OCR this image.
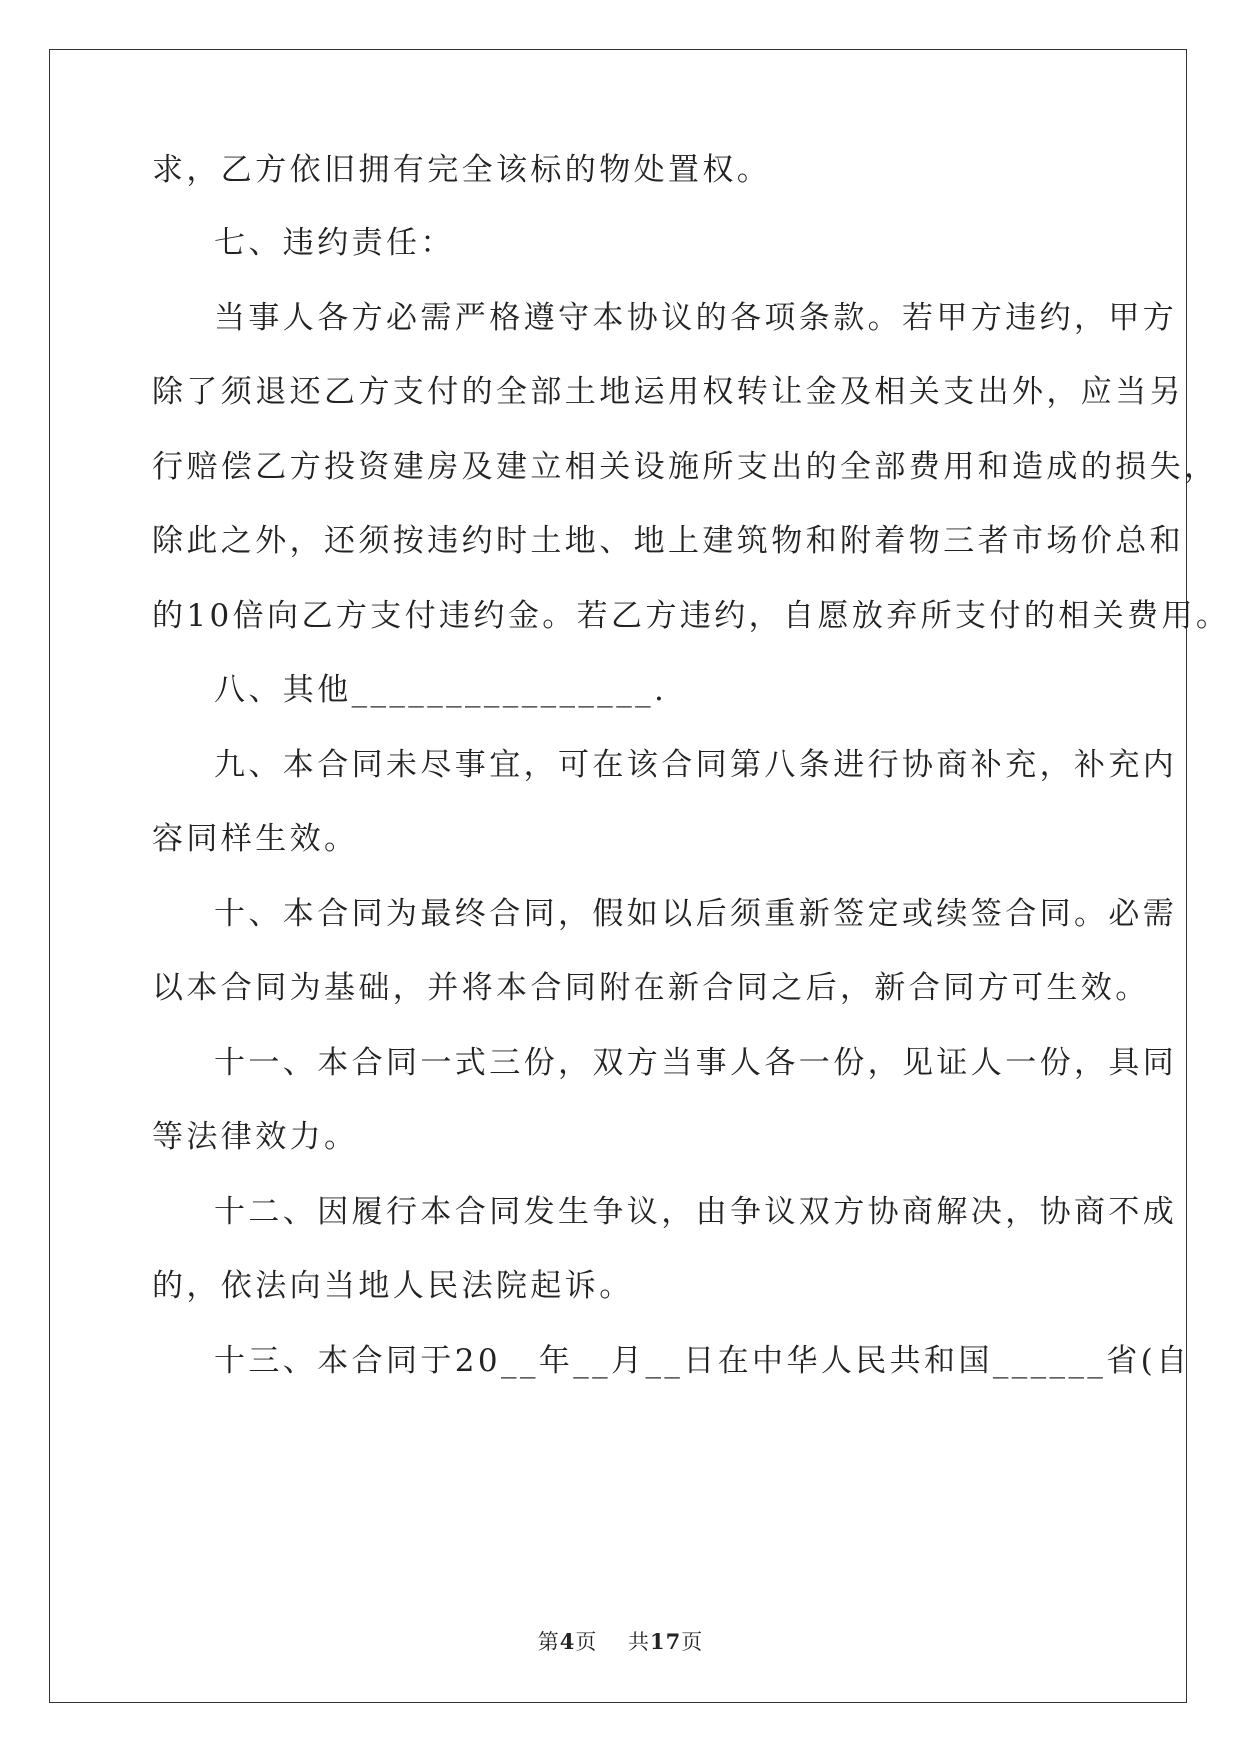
求，乙方依旧拥有完全该标的物处置权。
七、违约责任：
当事人各方必需严格遵守本协议的各项条款。若甲方违约，甲方
除了须退还乙方支付的全部土地运用权转让金及相关支出外，应当另
行赔偿乙方投资建房及建立相关设施所支出的全部费用和造成的损失，
除此之外，还须按违约时土地、地上建筑物和附着物三者市场价总和
的10倍向乙方支付违约金。若乙方违约，自愿放弃所支付的相关费用。
八、其他________________.
九、本合同未尽事宜，可在该合同第八条进行协商补充，补充内
容同样生效。
十、本合同为最终合同，假如以后须重新签定或续签合同。必需
以本合同为基础，并将本合同附在新合同之后，新合同方可生效。
十一、本合同一式三份，双方当事人各一份，见证人一份，具同
等法律效力。
十二、因履行本合同发生争议，由争议双方协商解决，协商不成
的，依法向当地人民法院起诉。
十三、本合同于20__年__月__日在中华人民共和国______省(自
第4页 共17页
